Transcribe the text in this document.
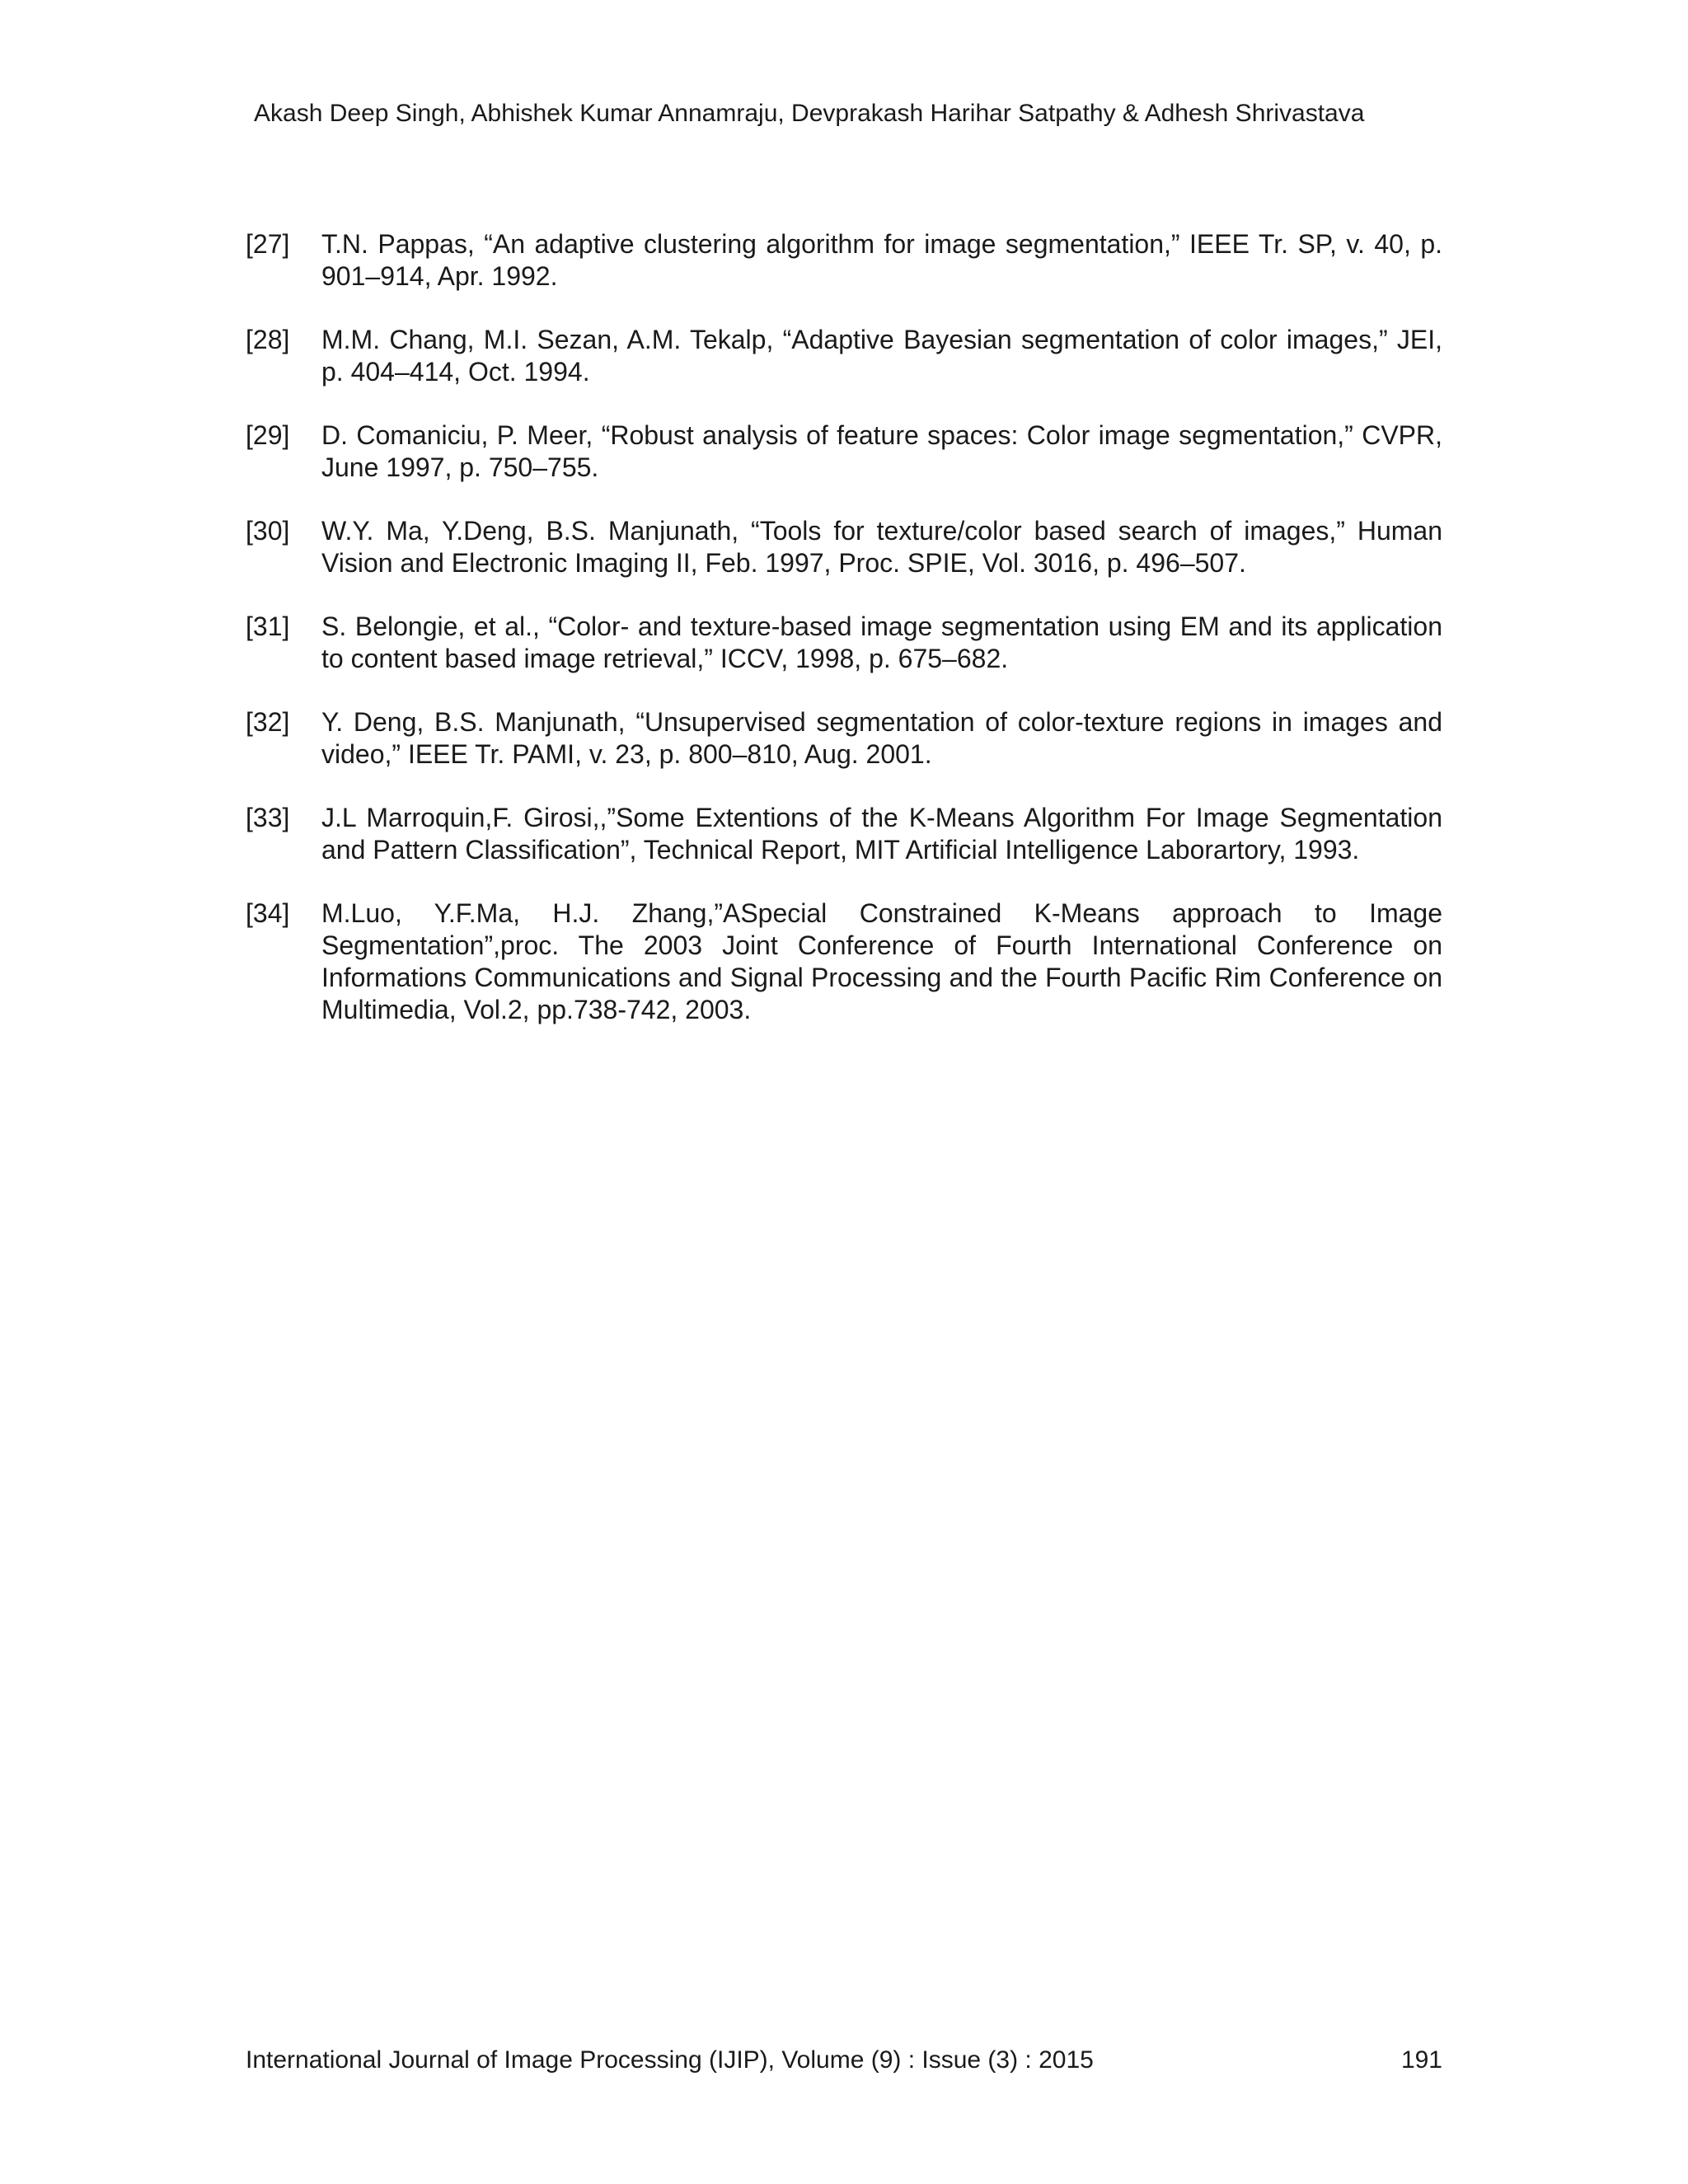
Akash Deep Singh, Abhishek Kumar Annamraju, Devprakash Harihar Satpathy & Adhesh Shrivastava
[27]	T.N. Pappas, “An adaptive clustering algorithm for image segmentation,” IEEE Tr. SP, v. 40, p. 901–914, Apr. 1992.
[28]	M.M. Chang, M.I. Sezan, A.M. Tekalp, “Adaptive Bayesian segmentation of color images,” JEI, p. 404–414, Oct. 1994.
[29]	D. Comaniciu, P. Meer, “Robust analysis of feature spaces: Color image segmentation,” CVPR, June 1997, p. 750–755.
[30]	W.Y. Ma, Y.Deng, B.S. Manjunath, “Tools for texture/color based search of images,” Human Vision and Electronic Imaging II, Feb. 1997, Proc. SPIE, Vol. 3016, p. 496–507.
[31]	S. Belongie, et al., “Color- and texture-based image segmentation using EM and its application to content based image retrieval,” ICCV, 1998, p. 675–682.
[32]	Y. Deng, B.S. Manjunath, “Unsupervised segmentation of color-texture regions in images and video,” IEEE Tr. PAMI, v. 23, p. 800–810, Aug. 2001.
[33]	J.L Marroquin,F. Girosi,,”Some Extentions of the K-Means Algorithm For Image Segmentation and Pattern Classification”, Technical Report, MIT Artificial Intelligence Laborartory, 1993.
[34]	M.Luo, Y.F.Ma, H.J. Zhang,”ASpecial Constrained K-Means approach to Image Segmentation”,proc. The 2003 Joint Conference of Fourth International Conference on Informations Communications and Signal Processing and the Fourth Pacific Rim Conference on Multimedia, Vol.2, pp.738-742, 2003.
International Journal of Image Processing (IJIP), Volume (9) : Issue (3) : 2015	191
